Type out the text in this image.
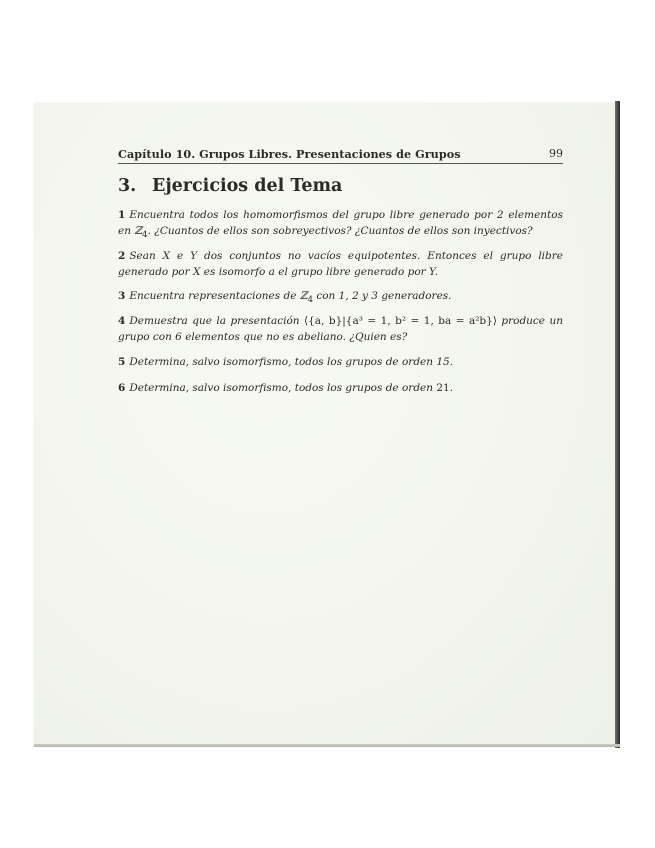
Capítulo 10. Grupos Libres. Presentaciones de Grupos	99
3. Ejercicios del Tema
1 Encuentra todos los homomorfismos del grupo libre generado por 2 elementos en ℤ$_4$. ¿Cuantos de ellos son sobreyectivos? ¿Cuantos de ellos son inyectivos?
2 Sean X e Y dos conjuntos no vacíos equipotentes. Entonces el grupo libre generado por X es isomorfo a el grupo libre generado por Y.
3 Encuentra representaciones de ℤ$_4$ con 1, 2 y 3 generadores.
4 Demuestra que la presentación ⟨{a, b}|{a³ = 1, b² = 1, ba = a²b}⟩ produce un grupo con 6 elementos que no es abeliano. ¿Quien es?
5 Determina, salvo isomorfismo, todos los grupos de orden 15.
6 Determina, salvo isomorfismo, todos los grupos de orden 21.
